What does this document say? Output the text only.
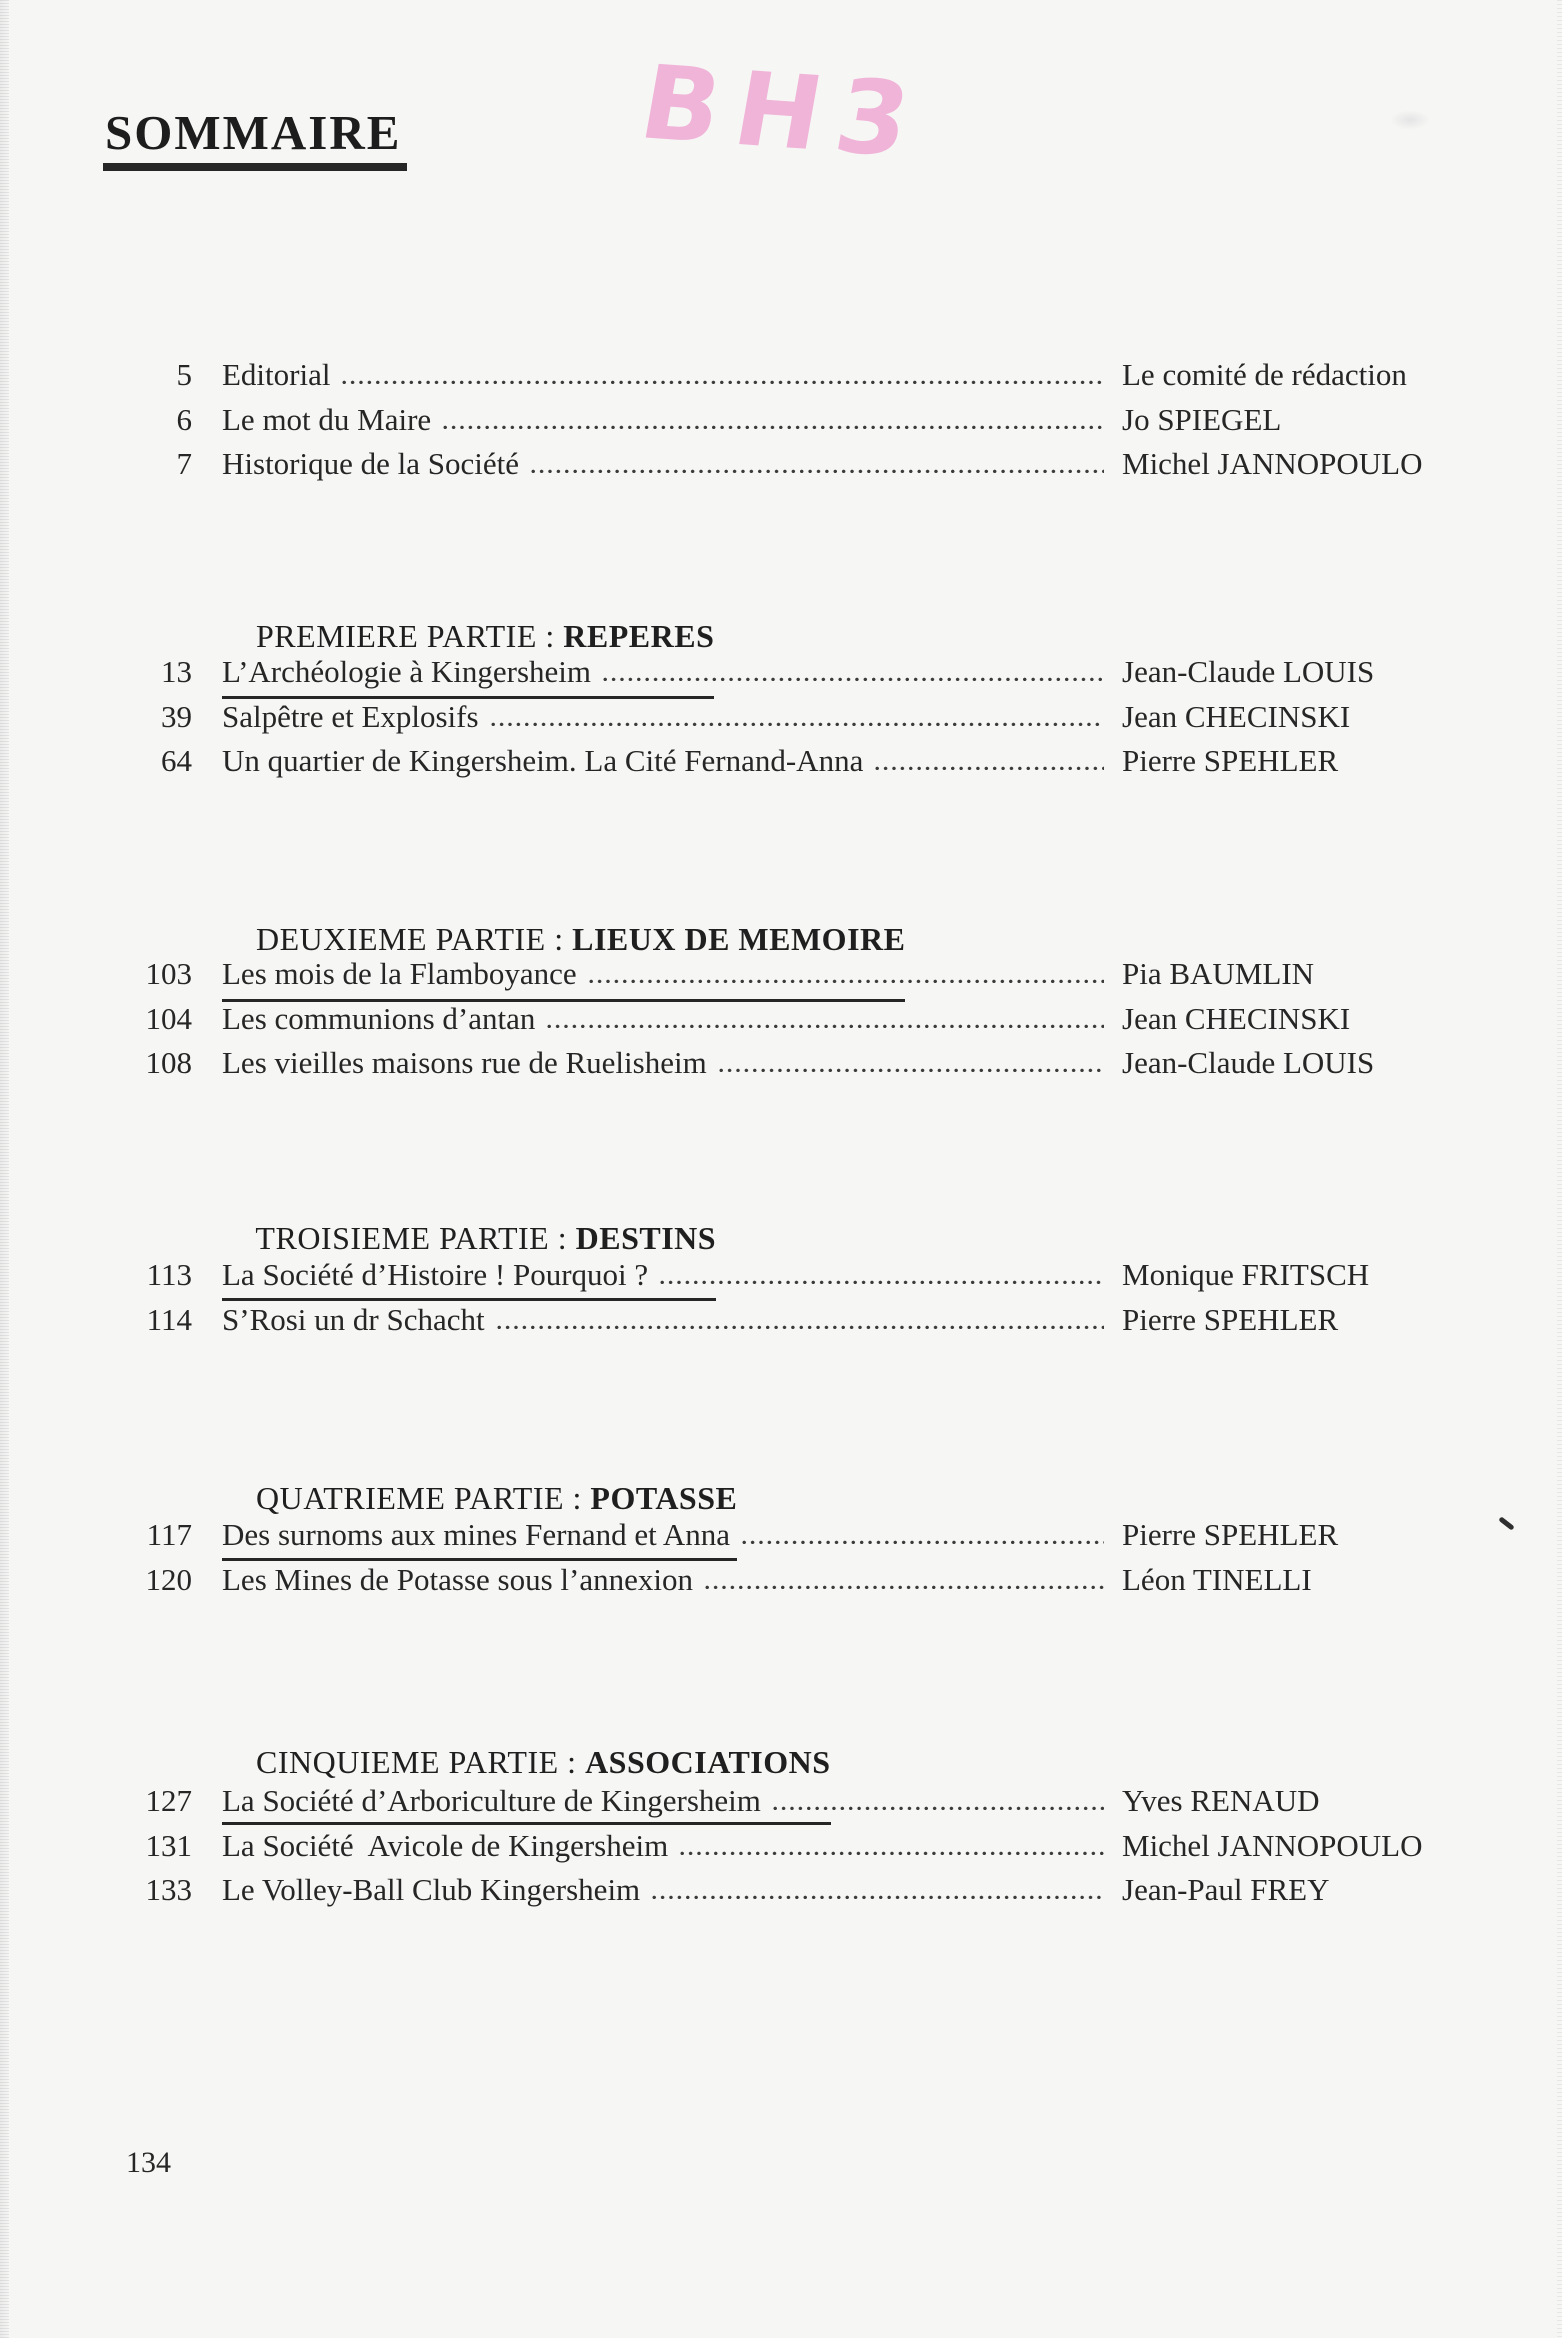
SOMMAIRE BH3
5 Editorial	Le comité de rédaction
6 Le mot du Maire	Jo SPIEGEL
7 Historique de la Société	Michel JANNOPOULO

PREMIERE PARTIE : REPERES

13 L’Archéologie à Kingersheim	Jean-Claude LOUIS
39 Salpêtre et Explosifs	Jean CHECINSKI
64 Un quartier de Kingersheim. La Cité Fernand-Anna	Pierre SPEHLER

DEUXIEME PARTIE : LIEUX DE MEMOIRE

103 Les mois de la Flamboyance	Pia BAUMLIN
104 Les communions d’antan	Jean CHECINSKI
108 Les vieilles maisons rue de Ruelisheim	Jean-Claude LOUIS

TROISIEME PARTIE : DESTINS

113 La Société d’Histoire ! Pourquoi ?	Monique FRITSCH
114 S’Rosi un dr Schacht	Pierre SPEHLER

QUATRIEME PARTIE : POTASSE

117 Des surnoms aux mines Fernand et Anna	Pierre SPEHLER
120 Les Mines de Potasse sous l’annexion	Léon TINELLI

CINQUIEME PARTIE : ASSOCIATIONS

127 La Société d’Arboriculture de Kingersheim	Yves RENAUD
131 La Société  Avicole de Kingersheim	Michel JANNOPOULO
133 Le Volley-Ball Club Kingersheim	Jean-Paul FREY
134
